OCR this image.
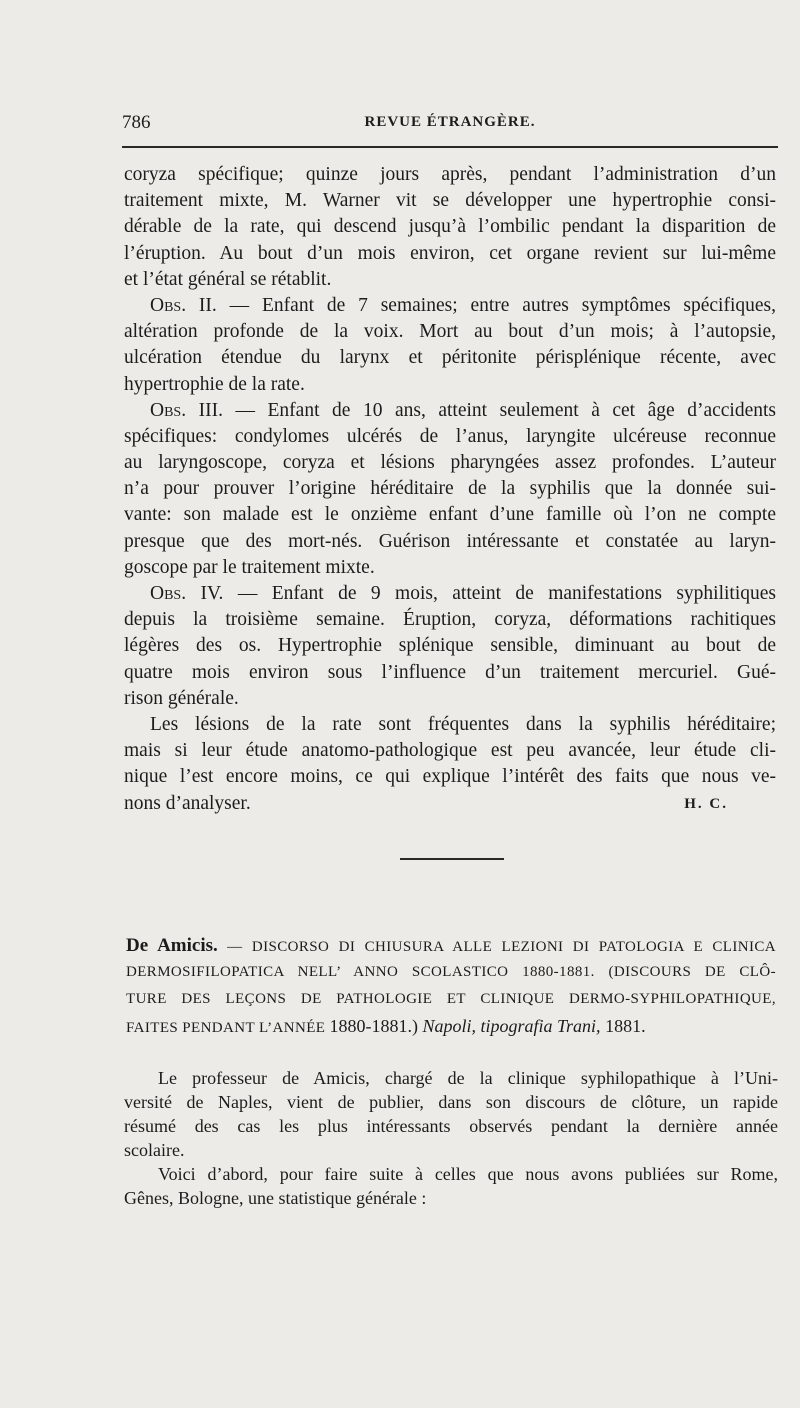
786	REVUE ÉTRANGÈRE.
coryza spécifique; quinze jours après, pendant l’administration d’un
traitement mixte, M. Warner vit se développer une hypertrophie consi-
dérable de la rate, qui descend jusqu’à l’ombilic pendant la disparition de
l’éruption. Au bout d’un mois environ, cet organe revient sur lui-même
et l’état général se rétablit.
Obs. II. — Enfant de 7 semaines; entre autres symptômes spécifiques,
altération profonde de la voix. Mort au bout d’un mois; à l’autopsie,
ulcération étendue du larynx et péritonite périsplénique récente, avec
hypertrophie de la rate.
Obs. III. — Enfant de 10 ans, atteint seulement à cet âge d’accidents
spécifiques: condylomes ulcérés de l’anus, laryngite ulcéreuse reconnue
au laryngoscope, coryza et lésions pharyngées assez profondes. L’auteur
n’a pour prouver l’origine héréditaire de la syphilis que la donnée sui-
vante: son malade est le onzième enfant d’une famille où l’on ne compte
presque que des mort-nés. Guérison intéressante et constatée au laryn-
goscope par le traitement mixte.
Obs. IV. — Enfant de 9 mois, atteint de manifestations syphilitiques
depuis la troisième semaine. Éruption, coryza, déformations rachitiques
légères des os. Hypertrophie splénique sensible, diminuant au bout de
quatre mois environ sous l’influence d’un traitement mercuriel. Gué-
rison générale.
Les lésions de la rate sont fréquentes dans la syphilis héréditaire;
mais si leur étude anatomo-pathologique est peu avancée, leur étude cli-
nique l’est encore moins, ce qui explique l’intérêt des faits que nous ve-
nons d’analyser.	H. C.
De Amicis. — DISCORSO DI CHIUSURA ALLE LEZIONI DI PATOLOGIA E CLINICA
DERMOSIFILOPATICA NELL’ ANNO SCOLASTICO 1880-1881. (DISCOURS DE CLÔ-
TURE DES LEÇONS DE PATHOLOGIE ET CLINIQUE DERMO-SYPHILOPATHIQUE,
FAITES PENDANT L’ANNÉE 1880-1881.) Napoli, tipografia Trani, 1881.
Le professeur de Amicis, chargé de la clinique syphilopathique à l’Uni-
versité de Naples, vient de publier, dans son discours de clôture, un rapide
résumé des cas les plus intéressants observés pendant la dernière année
scolaire.
Voici d’abord, pour faire suite à celles que nous avons publiées sur Rome,
Gênes, Bologne, une statistique générale :
